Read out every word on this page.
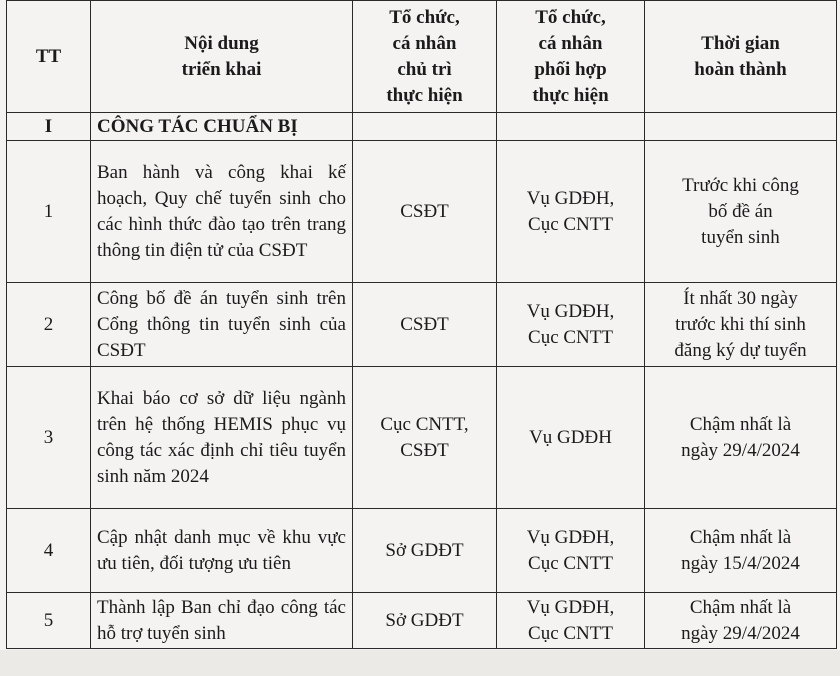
TT	Nội dung
triển khai	Tổ chức,
cá nhân
chủ trì
thực hiện	Tổ chức,
cá nhân
phối hợp
thực hiện	Thời gian
hoàn thành
I	CÔNG TÁC CHUẨN BỊ			
1	Ban hành và công khai kế hoạch, Quy chế tuyển sinh cho các hình thức đào tạo trên trang thông tin điện tử của CSĐT	CSĐT	Vụ GDĐH,
Cục CNTT	Trước khi công
bố đề án
tuyển sinh
2	Công bố đề án tuyển sinh trên Cổng thông tin tuyển sinh của CSĐT	CSĐT	Vụ GDĐH,
Cục CNTT	Ít nhất 30 ngày
trước khi thí sinh
đăng ký dự tuyển
3	Khai báo cơ sở dữ liệu ngành trên hệ thống HEMIS phục vụ công tác xác định chỉ tiêu tuyển sinh năm 2024	Cục CNTT,
CSĐT	Vụ GDĐH	Chậm nhất là
ngày 29/4/2024
4	Cập nhật danh mục về khu vực ưu tiên, đối tượng ưu tiên	Sở GDĐT	Vụ GDĐH,
Cục CNTT	Chậm nhất là
ngày 15/4/2024
5	Thành lập Ban chỉ đạo công tác hỗ trợ tuyển sinh	Sở GDĐT	Vụ GDĐH,
Cục CNTT	Chậm nhất là
ngày 29/4/2024
